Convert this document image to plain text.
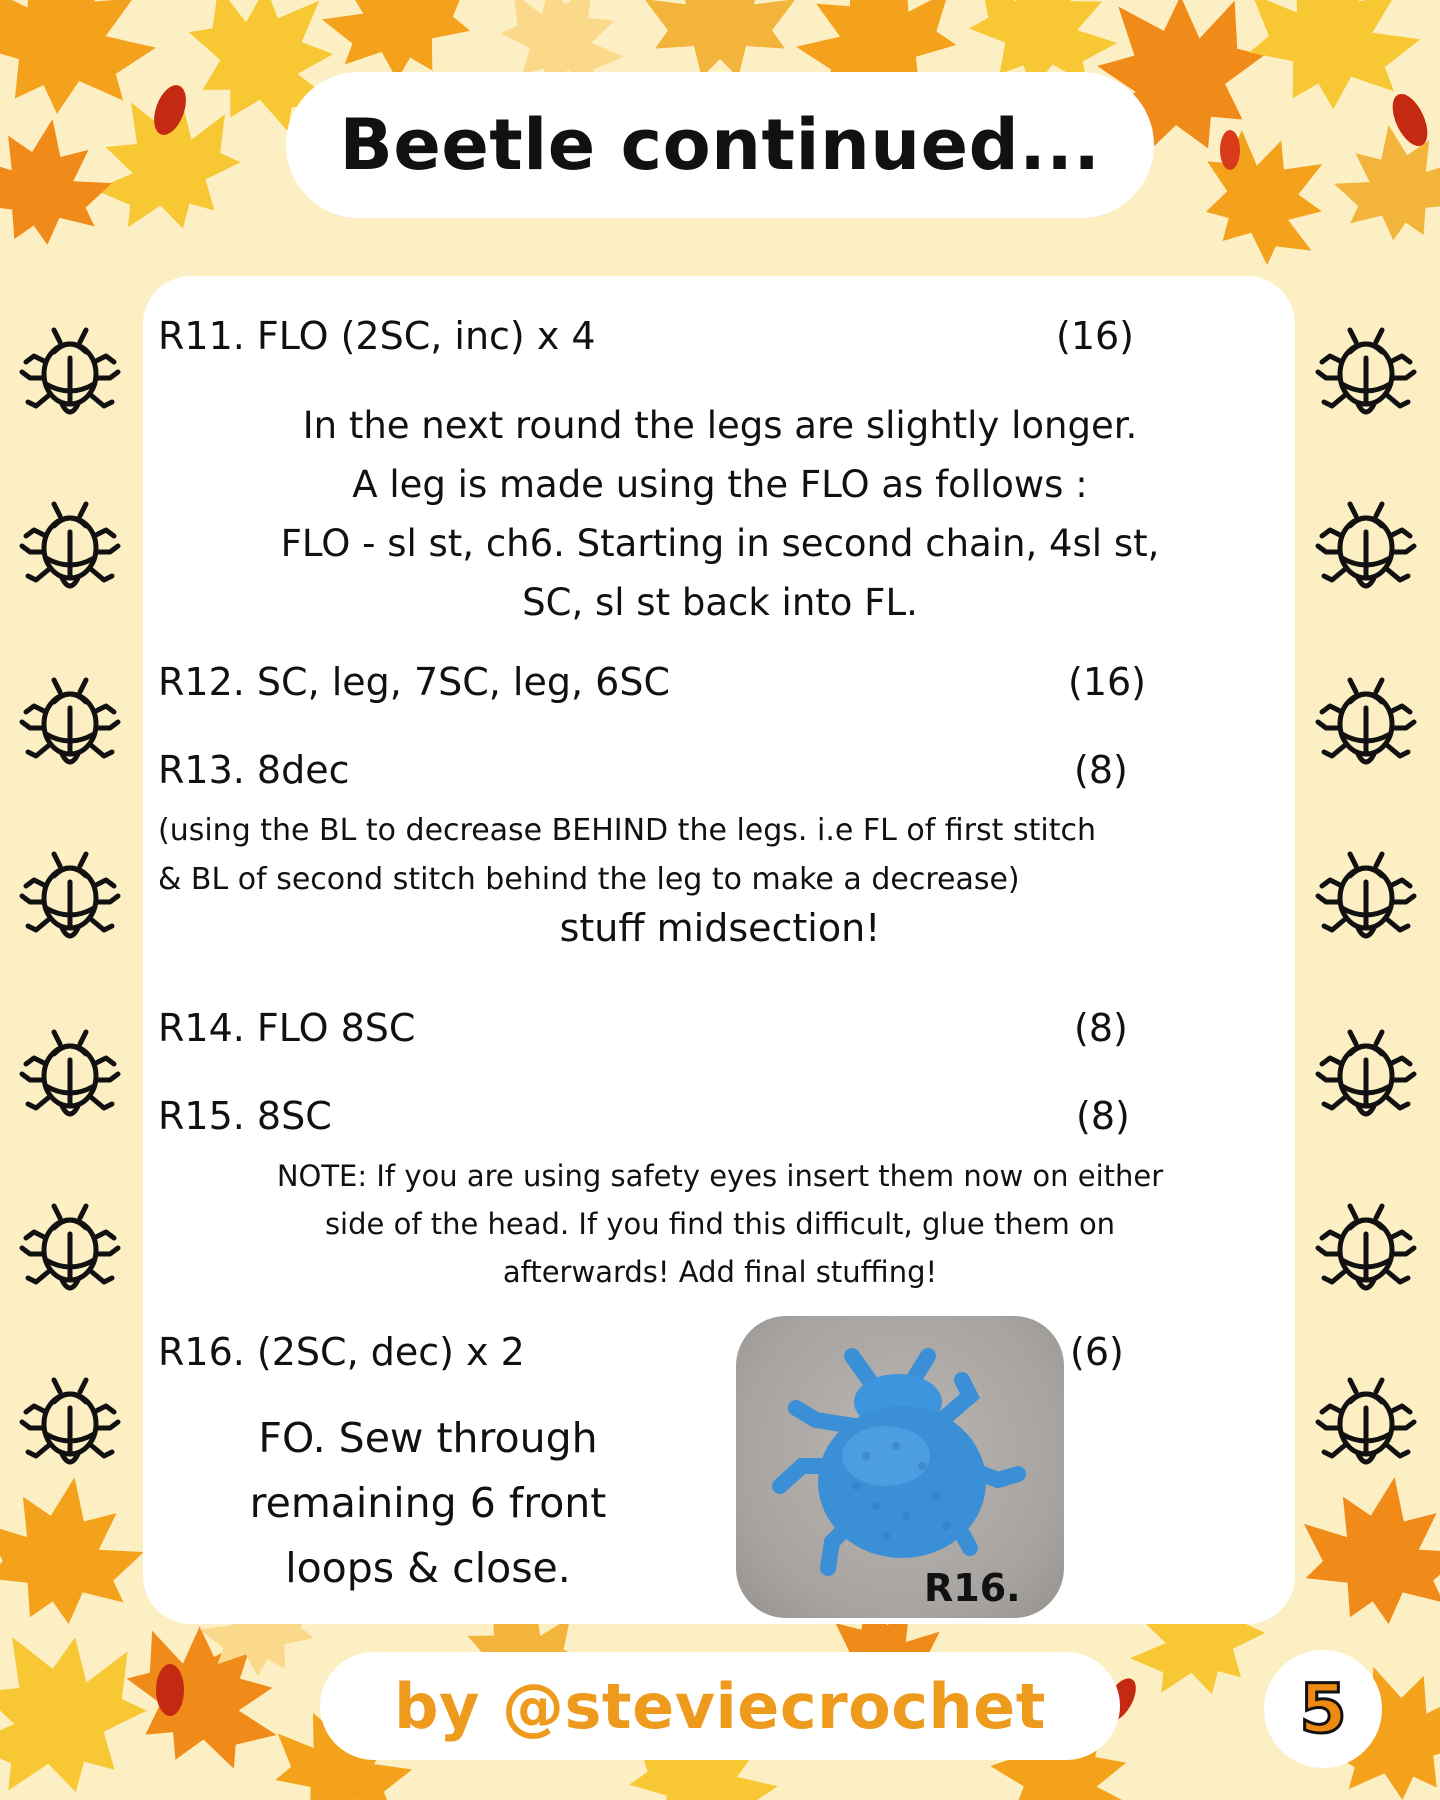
Beetle continued...
R11. FLO (2SC, inc) x 4	(16)
In the next round the legs are slightly longer.
A leg is made using the FLO as follows :
FLO - sl st, ch6. Starting in second chain, 4sl st,
SC, sl st back into FL.
R12. SC, leg, 7SC, leg, 6SC	(16)
R13. 8dec	(8)
(using the BL to decrease BEHIND the legs. i.e FL of first stitch
& BL of second stitch behind the leg to make a decrease)
stuff midsection!
R14. FLO 8SC	(8)
R15. 8SC	(8)
NOTE: If you are using safety eyes insert them now on either
side of the head. If you find this difficult, glue them on
afterwards! Add final stuffing!
R16. (2SC, dec) x 2	(6)
FO. Sew through
remaining 6 front
loops & close.	R16.
by @steviecrochet	5
